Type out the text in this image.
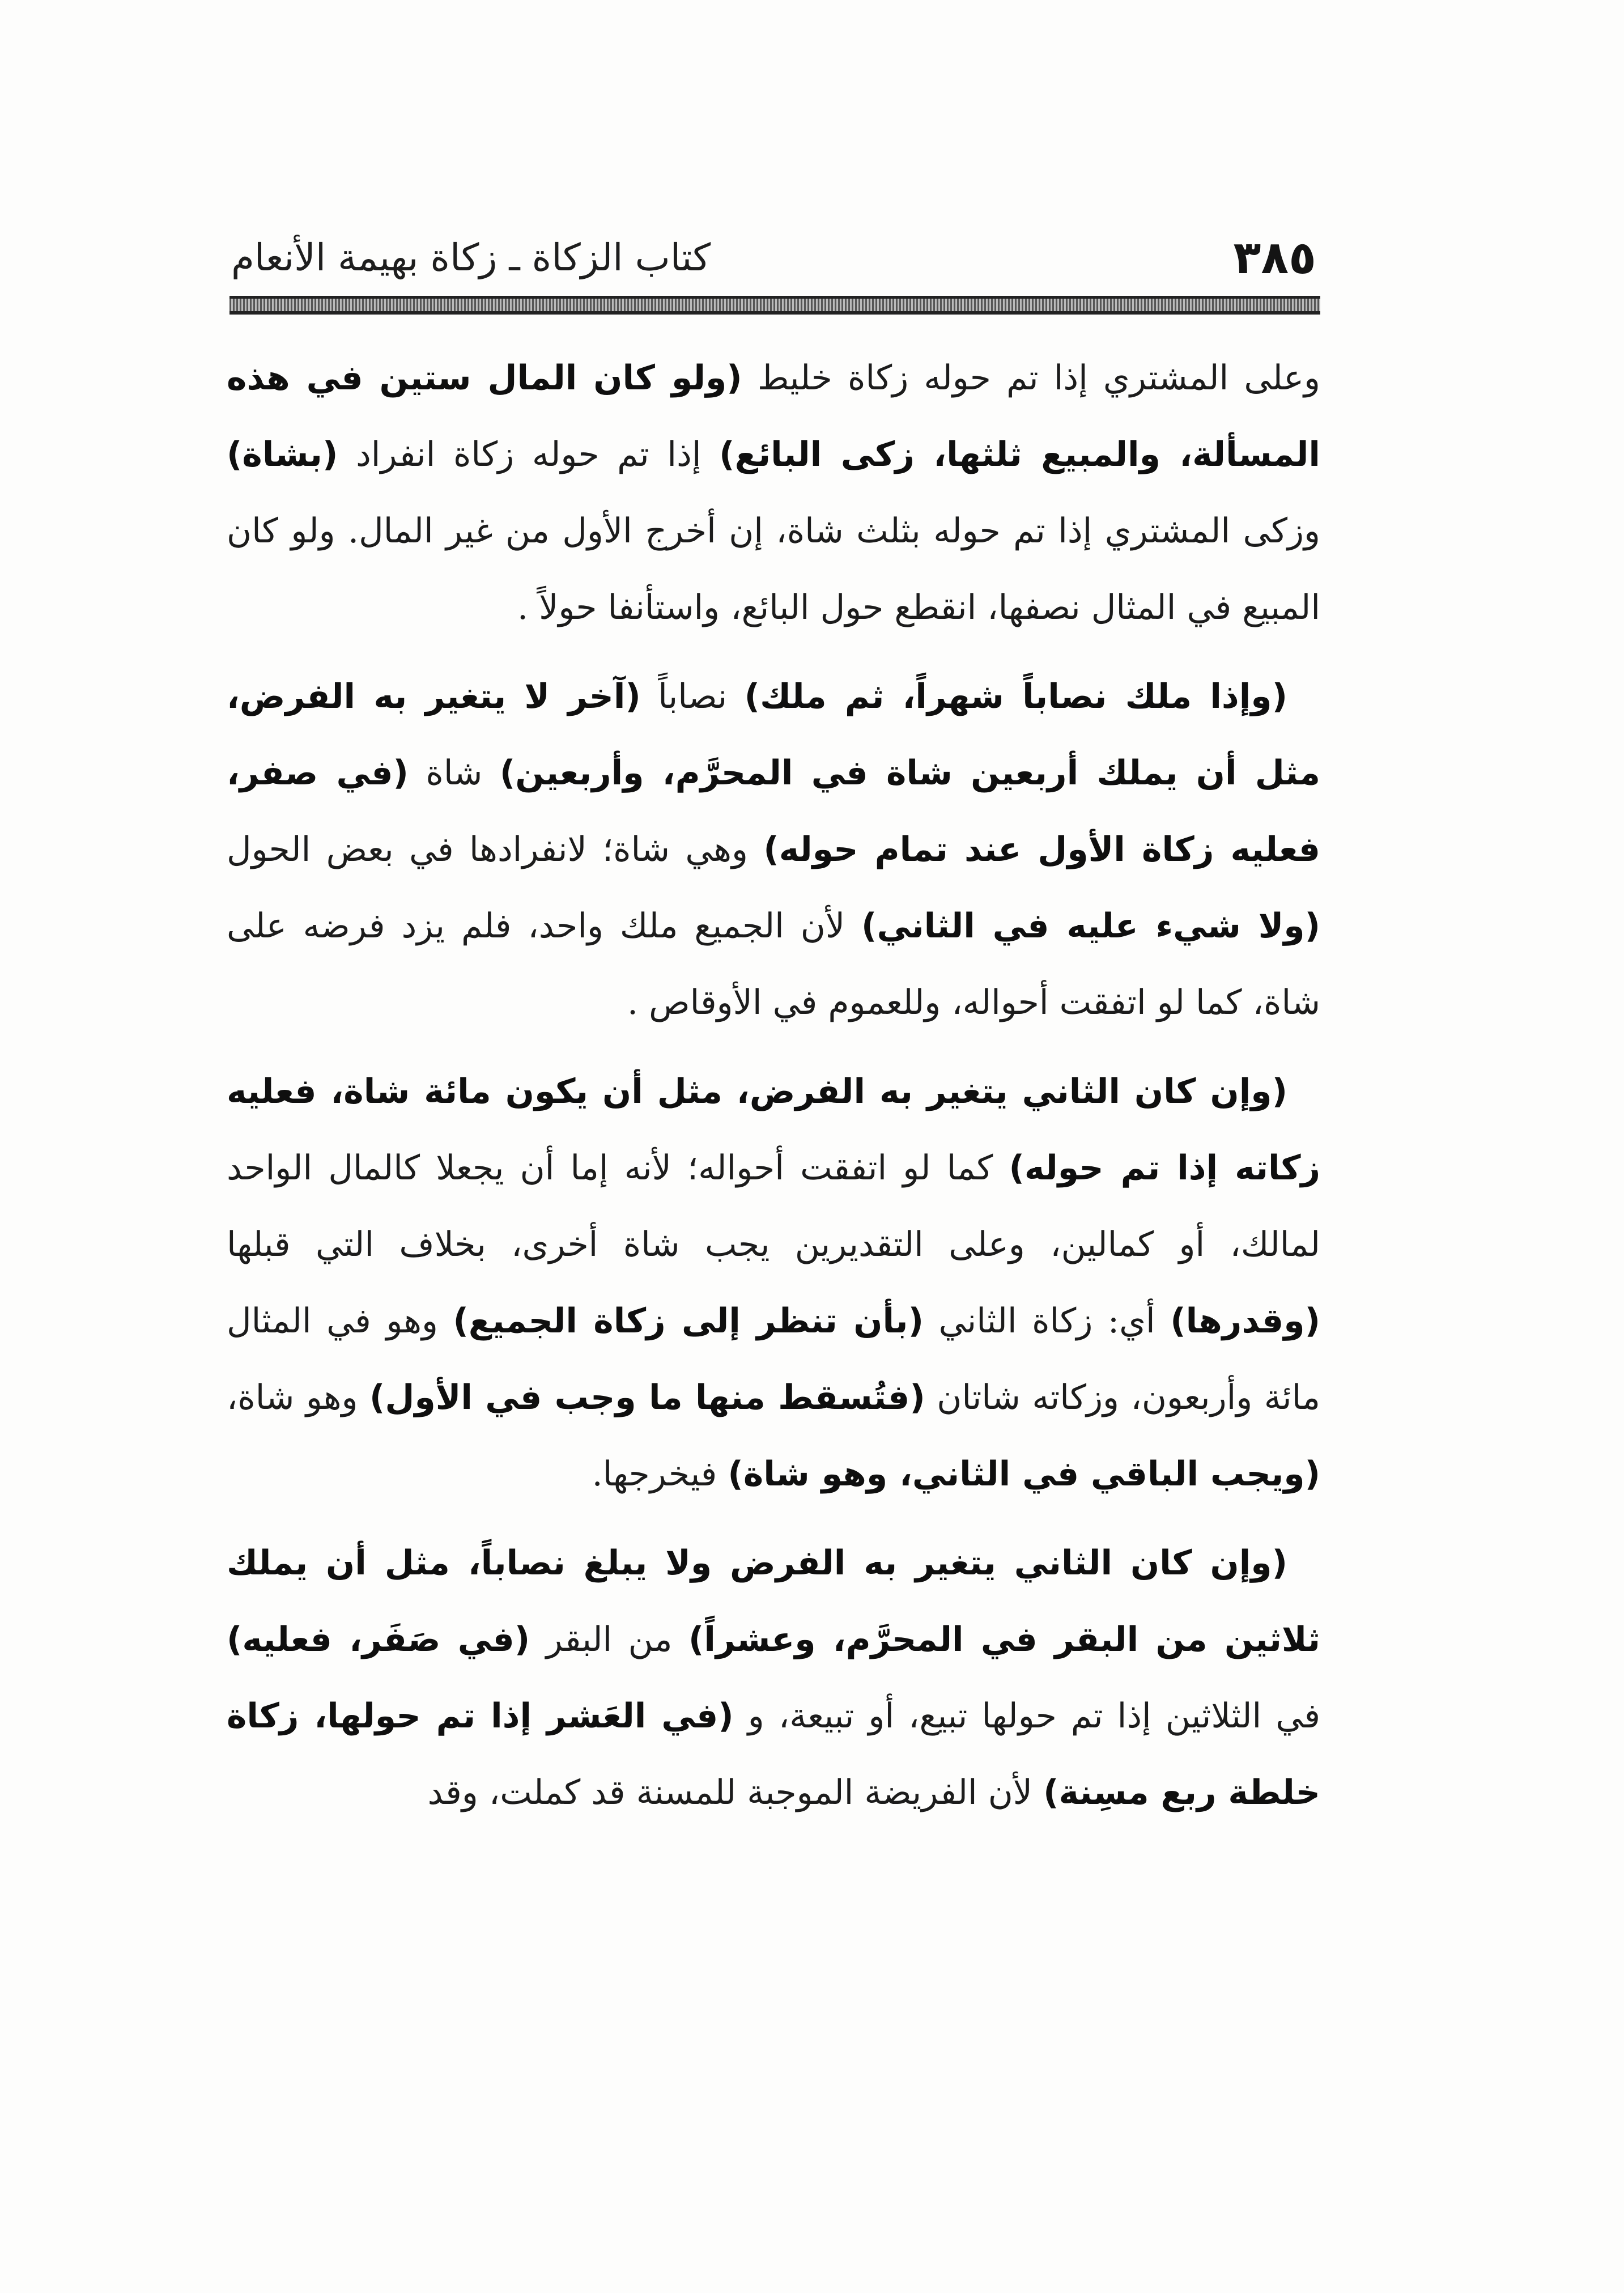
٣٨٥
كتاب الزكاة ـ زكاة بهيمة الأنعام

وعلى المشتري إذا تم حوله زكاة خليط (ولو كان المال ستين في هذه المسألة، والمبيع ثلثها، زكى البائع) إذا تم حوله زكاة انفراد (بشاة) وزكى المشتري إذا تم حوله بثلث شاة، إن أخرج الأول من غير المال. ولو كان المبيع في المثال نصفها، انقطع حول البائع، واستأنفا حولاً .

(وإذا ملك نصاباً شهراً، ثم ملك) نصاباً (آخر لا يتغير به الفرض، مثل أن يملك أربعين شاة في المحرَّم، وأربعين) شاة (في صفر، فعليه زكاة الأول عند تمام حوله) وهي شاة؛ لانفرادها في بعض الحول (ولا شيء عليه في الثاني) لأن الجميع ملك واحد، فلم يزد فرضه على شاة، كما لو اتفقت أحواله، وللعموم في الأوقاص .

(وإن كان الثاني يتغير به الفرض، مثل أن يكون مائة شاة، فعليه زكاته إذا تم حوله) كما لو اتفقت أحواله؛ لأنه إما أن يجعلا كالمال الواحد لمالك، أو كمالين، وعلى التقديرين يجب شاة أخرى، بخلاف التي قبلها (وقدرها) أي: زكاة الثاني (بأن تنظر إلى زكاة الجميع) وهو في المثال مائة وأربعون، وزكاته شاتان (فتُسقط منها ما وجب في الأول) وهو شاة، (ويجب الباقي في الثاني، وهو شاة) فيخرجها.

(وإن كان الثاني يتغير به الفرض ولا يبلغ نصاباً، مثل أن يملك ثلاثين من البقر في المحرَّم، وعشراً) من البقر (في صَفَر، فعليه) في الثلاثين إذا تم حولها تبيع، أو تبيعة، و (في العَشر إذا تم حولها، زكاة خلطة ربع مسِنة) لأن الفريضة الموجبة للمسنة قد كملت، وقد
